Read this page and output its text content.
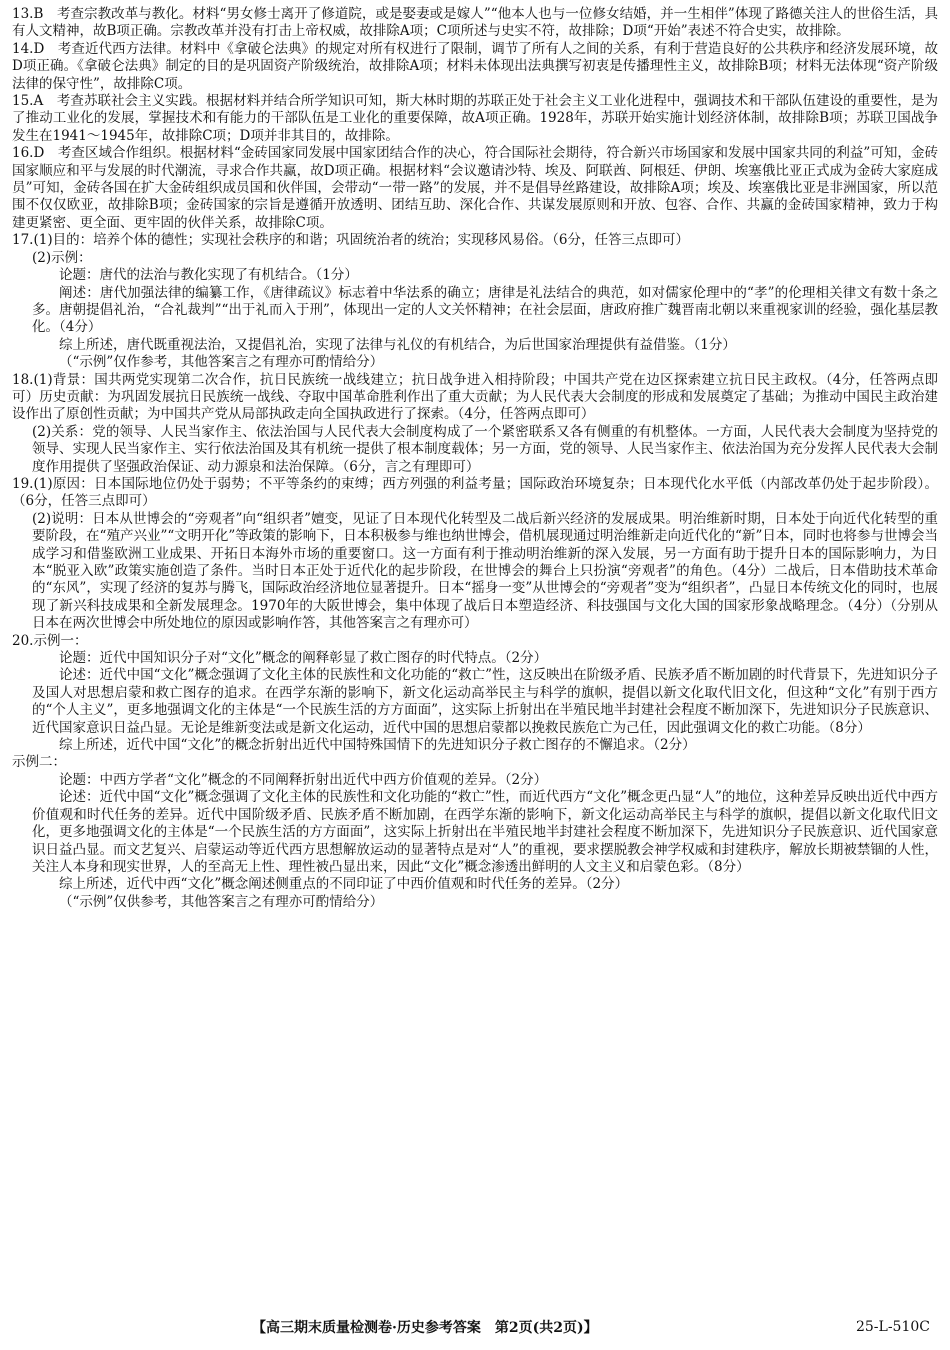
13.B　 考查宗教改革与教化。材料“男女修士离开了修道院，或是娶妻或是嫁人”“他本人也与一位修女结婚，并一生相伴”体现了路德关注人的世俗生活，具有人文精神，故B项正确。宗教改革并没有打击上帝权威，故排除A项；C项所述与史实不符，故排除；D项“开始”表述不符合史实，故排除。
14.D　 考查近代西方法律。材料中《拿破仑法典》的规定对所有权进行了限制，调节了所有人之间的关系，有利于营造良好的公共秩序和经济发展环境，故D项正确。《拿破仑法典》制定的目的是巩固资产阶级统治，故排除A项；材料未体现出法典撰写初衷是传播理性主义，故排除B项；材料无法体现“资产阶级法律的保守性”，故排除C项。
15.A　 考查苏联社会主义实践。根据材料并结合所学知识可知，斯大林时期的苏联正处于社会主义工业化进程中，强调技术和干部队伍建设的重要性，是为了推动工业化的发展，掌握技术和有能力的干部队伍是工业化的重要保障，故A项正确。1928年，苏联开始实施计划经济体制，故排除B项；苏联卫国战争发生在1941～1945年，故排除C项；D项并非其目的，故排除。
16.D　 考查区域合作组织。根据材料“金砖国家同发展中国家团结合作的决心，符合国际社会期待，符合新兴市场国家和发展中国家共同的利益”可知，金砖国家顺应和平与发展的时代潮流，寻求合作共赢，故D项正确。根据材料“会议邀请沙特、埃及、阿联酋、阿根廷、伊朗、埃塞俄比亚正式成为金砖大家庭成员”可知，金砖各国在扩大金砖组织成员国和伙伴国，会带动“一带一路”的发展，并不是倡导丝路建设，故排除A项；埃及、埃塞俄比亚是非洲国家，所以范围不仅仅欧亚，故排除B项；金砖国家的宗旨是遵循开放透明、团结互助、深化合作、共谋发展原则和开放、包容、合作、共赢的金砖国家精神，致力于构建更紧密、更全面、更牢固的伙伴关系，故排除C项。

17.(1)目的：培养个体的德性；实现社会秩序的和谐；巩固统治者的统治；实现移风易俗。（6分，任答三点即可）

(2)示例：

论题：唐代的法治与教化实现了有机结合。（1分）

阐述：唐代加强法律的编纂工作，《唐律疏议》标志着中华法系的确立；唐律是礼法结合的典范，如对儒家伦理中的“孝”的伦理相关律文有数十条之多。唐朝提倡礼治，“合礼裁判”“出于礼而入于刑”，体现出一定的人文关怀精神；在社会层面，唐政府推广魏晋南北朝以来重视家训的经验，强化基层教化。（4分）

综上所述，唐代既重视法治，又提倡礼治，实现了法律与礼仪的有机结合，为后世国家治理提供有益借鉴。（1分）

（“示例”仅作参考，其他答案言之有理亦可酌情给分）

18.(1)背景：国共两党实现第二次合作，抗日民族统一战线建立；抗日战争进入相持阶段；中国共产党在边区探索建立抗日民主政权。（4分，任答两点即可）历史贡献：为巩固发展抗日民族统一战线、夺取中国革命胜利作出了重大贡献；为人民代表大会制度的形成和发展奠定了基础；为推动中国民主政治建设作出了原创性贡献；为中国共产党从局部执政走向全国执政进行了探索。（4分，任答两点即可）

(2)关系：党的领导、人民当家作主、依法治国与人民代表大会制度构成了一个紧密联系又各有侧重的有机整体。一方面，人民代表大会制度为坚持党的领导、实现人民当家作主、实行依法治国及其有机统一提供了根本制度载体；另一方面，党的领导、人民当家作主、依法治国为充分发挥人民代表大会制度作用提供了坚强政治保证、动力源泉和法治保障。（6分，言之有理即可）

19.(1)原因：日本国际地位仍处于弱势；不平等条约的束缚；西方列强的利益考量；国际政治环境复杂；日本现代化水平低（内部改革仍处于起步阶段）。（6分，任答三点即可）

(2)说明：日本从世博会的“旁观者”向“组织者”嬗变，见证了日本现代化转型及二战后新兴经济的发展成果。明治维新时期，日本处于向近代化转型的重要阶段，在“殖产兴业”“文明开化”等政策的影响下，日本积极参与维也纳世博会，借机展现通过明治维新走向近代化的“新”日本，同时也将参与世博会当成学习和借鉴欧洲工业成果、开拓日本海外市场的重要窗口。这一方面有利于推动明治维新的深入发展，另一方面有助于提升日本的国际影响力，为日本“脱亚入欧”政策实施创造了条件。当时日本正处于近代化的起步阶段，在世博会的舞台上只扮演“旁观者”的角色。（4分）二战后，日本借助技术革命的“东风”，实现了经济的复苏与腾飞，国际政治经济地位显著提升。日本“摇身一变”从世博会的“旁观者”变为“组织者”，凸显日本传统文化的同时，也展现了新兴科技成果和全新发展理念。1970年的大阪世博会，集中体现了战后日本塑造经济、科技强国与文化大国的国家形象战略理念。（4分）（分别从日本在两次世博会中所处地位的原因或影响作答，其他答案言之有理亦可）

20.示例一：

论题：近代中国知识分子对“文化”概念的阐释彰显了救亡图存的时代特点。（2分）

论述：近代中国“文化”概念强调了文化主体的民族性和文化功能的“救亡”性，这反映出在阶级矛盾、民族矛盾不断加剧的时代背景下，先进知识分子及国人对思想启蒙和救亡图存的追求。在西学东渐的影响下，新文化运动高举民主与科学的旗帜，提倡以新文化取代旧文化，但这种“文化”有别于西方的“个人主义”，更多地强调文化的主体是“一个民族生活的方方面面”，这实际上折射出在半殖民地半封建社会程度不断加深下，先进知识分子民族意识、近代国家意识日益凸显。无论是维新变法或是新文化运动，近代中国的思想启蒙都以挽救民族危亡为己任，因此强调文化的救亡功能。（8分）

综上所述，近代中国“文化”的概念折射出近代中国特殊国情下的先进知识分子救亡图存的不懈追求。（2分）

示例二：

论题：中西方学者“文化”概念的不同阐释折射出近代中西方价值观的差异。（2分）

论述：近代中国“文化”概念强调了文化主体的民族性和文化功能的“救亡”性，而近代西方“文化”概念更凸显“人”的地位，这种差异反映出近代中西方价值观和时代任务的差异。近代中国阶级矛盾、民族矛盾不断加剧，在西学东渐的影响下，新文化运动高举民主与科学的旗帜，提倡以新文化取代旧文化，更多地强调文化的主体是“一个民族生活的方方面面”，这实际上折射出在半殖民地半封建社会程度不断加深下，先进知识分子民族意识、近代国家意识日益凸显。而文艺复兴、启蒙运动等近代西方思想解放运动的显著特点是对“人”的重视，要求摆脱教会神学权威和封建秩序，解放长期被禁锢的人性，关注人本身和现实世界，人的至高无上性、理性被凸显出来，因此“文化”概念渗透出鲜明的人文主义和启蒙色彩。（8分）

综上所述，近代中西“文化”概念阐述侧重点的不同印证了中西价值观和时代任务的差异。（2分）

（“示例”仅供参考，其他答案言之有理亦可酌情给分）

【高三期末质量检测卷·历史参考答案　第2页(共2页)】	25-L-510C
